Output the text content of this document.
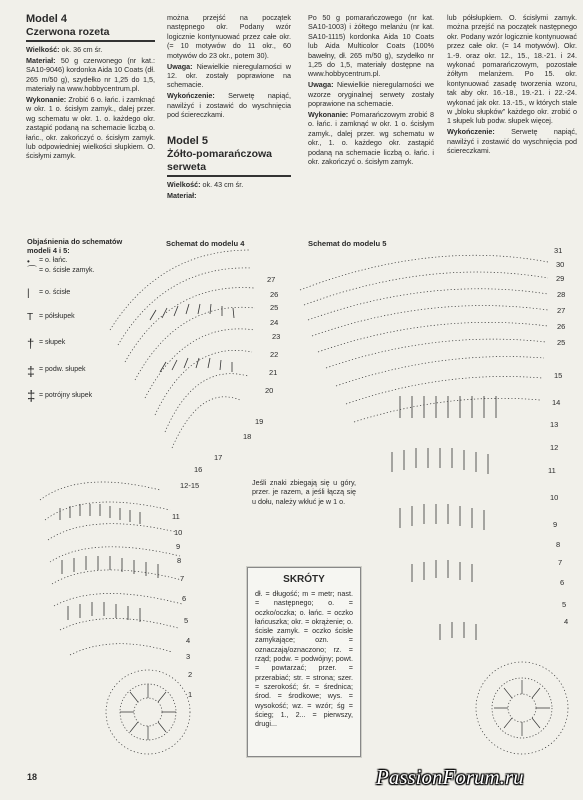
Model 4
Czerwona rozeta

Wielkość: ok. 36 cm śr.

Materiał: 50 g czerwonego (nr kat.: SA10-9046) kordonka Aida 10 Coats (dł. 265 m/50 g), szydełko nr 1,25 do 1,5, materiały na www.hobbycentrum.pl.

Wykonanie: Zrobić 6 o. łańc. i zamknąć w okr. 1 o. ścisłym zamyk., dalej przer. wg schematu w okr. 1. o. każdego okr. zastąpić podaną na schemacie liczbą o. łańc., okr. zakończyć o. ścisłym zamyk. lub odpowiedniej wielkości słupkiem. O. ścisłymi zamyk.

można przejść na początek następnego okr. Podany wzór logicznie kontynuować przez całe okr. (= 10 motywów do 11 okr., 60 motywów do 23 okr., potem 30).

Uwaga: Niewielkie nieregularności w 12. okr. zostały poprawione na schemacie.

Wykończenie: Serwetę napiąć, nawilżyć i zostawić do wyschnięcia pod ściereczkami.

Model 5
Żółto-pomarańczowa serweta

Wielkość: ok. 43 cm śr.

Materiał:

Po 50 g pomarańczowego (nr kat. SA10-1003) i żółtego melanżu (nr kat. SA10-1115) kordonka Aida 10 Coats lub Aida Multicolor Coats (100% bawełny, dł. 265 m/50 g), szydełko nr 1,25 do 1,5, materiały dostępne na www.hobbycentrum.pl.

Uwaga: Niewielkie nieregularności we wzorze oryginalnej serwety zostały poprawione na schemacie.

Wykonanie: Pomarańczowym zrobić 8 o. łańc. i zamknąć w okr. 1 o. ścisłym zamyk., dalej przer. wg schematu w okr., 1. o. każdego okr. zastąpić podaną na schemacie liczbą o. łańc. i okr. zakończyć o. ścisłym zamyk.

lub półsłupkiem. O. ścisłymi zamyk. można przejść na początek następnego okr. Podany wzór logicznie kontynuować przez całe okr. (= 14 motywów). Okr. 1.-9. oraz okr. 12., 15., 18.-21. i 24. wykonać pomarańczowym, pozostałe żółtym melanżem. Po 15. okr. kontynuować zasadę tworzenia wzoru, tak aby okr. 16.-18., 19.-21. i 22.-24. wykonać jak okr. 13.-15., w których stale w „bloku słupków” każdego okr. zrobić o 1 słupek lub podw. słupek więcej.

Wykończenie: Serwetę napiąć, nawilżyć i zostawić do wyschnięcia pod ściereczkami.

Objaśnienia do schematów
modeli 4 i 5:
• = o. łańc.
⌒ = o. ścisłe zamyk.
| = o. ścisłe
T = półsłupek
† = słupek
‡ = podw. słupek
‡ = potrójny słupek
Schemat do modelu 4	Schemat do modelu 5
27
26
25
24
23
22
21
20
19
18
17
16
12-15
11
10
9
8
7
6
5
4
3
2
1
31
30
29
28
27
26
25
15
14
13
12
11
10
9
8
7
6
5
4
Jeśli znaki zbiegają się u góry, przer. je razem, a jeśli łączą się u dołu, należy wkłuć je w 1 o.
SKRÓTY
dł. = długość; m = metr; nast. = następnego; o. = oczko/oczka; o. łańc. = oczko łańcuszka; okr. = okrążenie; o. ścisłe zamyk. = oczko ścisłe zamykające; ozn. = oznaczają/oznaczono; rz. = rząd; podw. = podwójny; powt. = powtarzać; przer. = przerabiać; str. = strona; szer. = szerokość; śr. = średnica; środ. = środkowe; wys. = wysokość; wz. = wzór; śg = ścieg; 1., 2... = pierwszy, drugi...
18	PassionForum.ru
